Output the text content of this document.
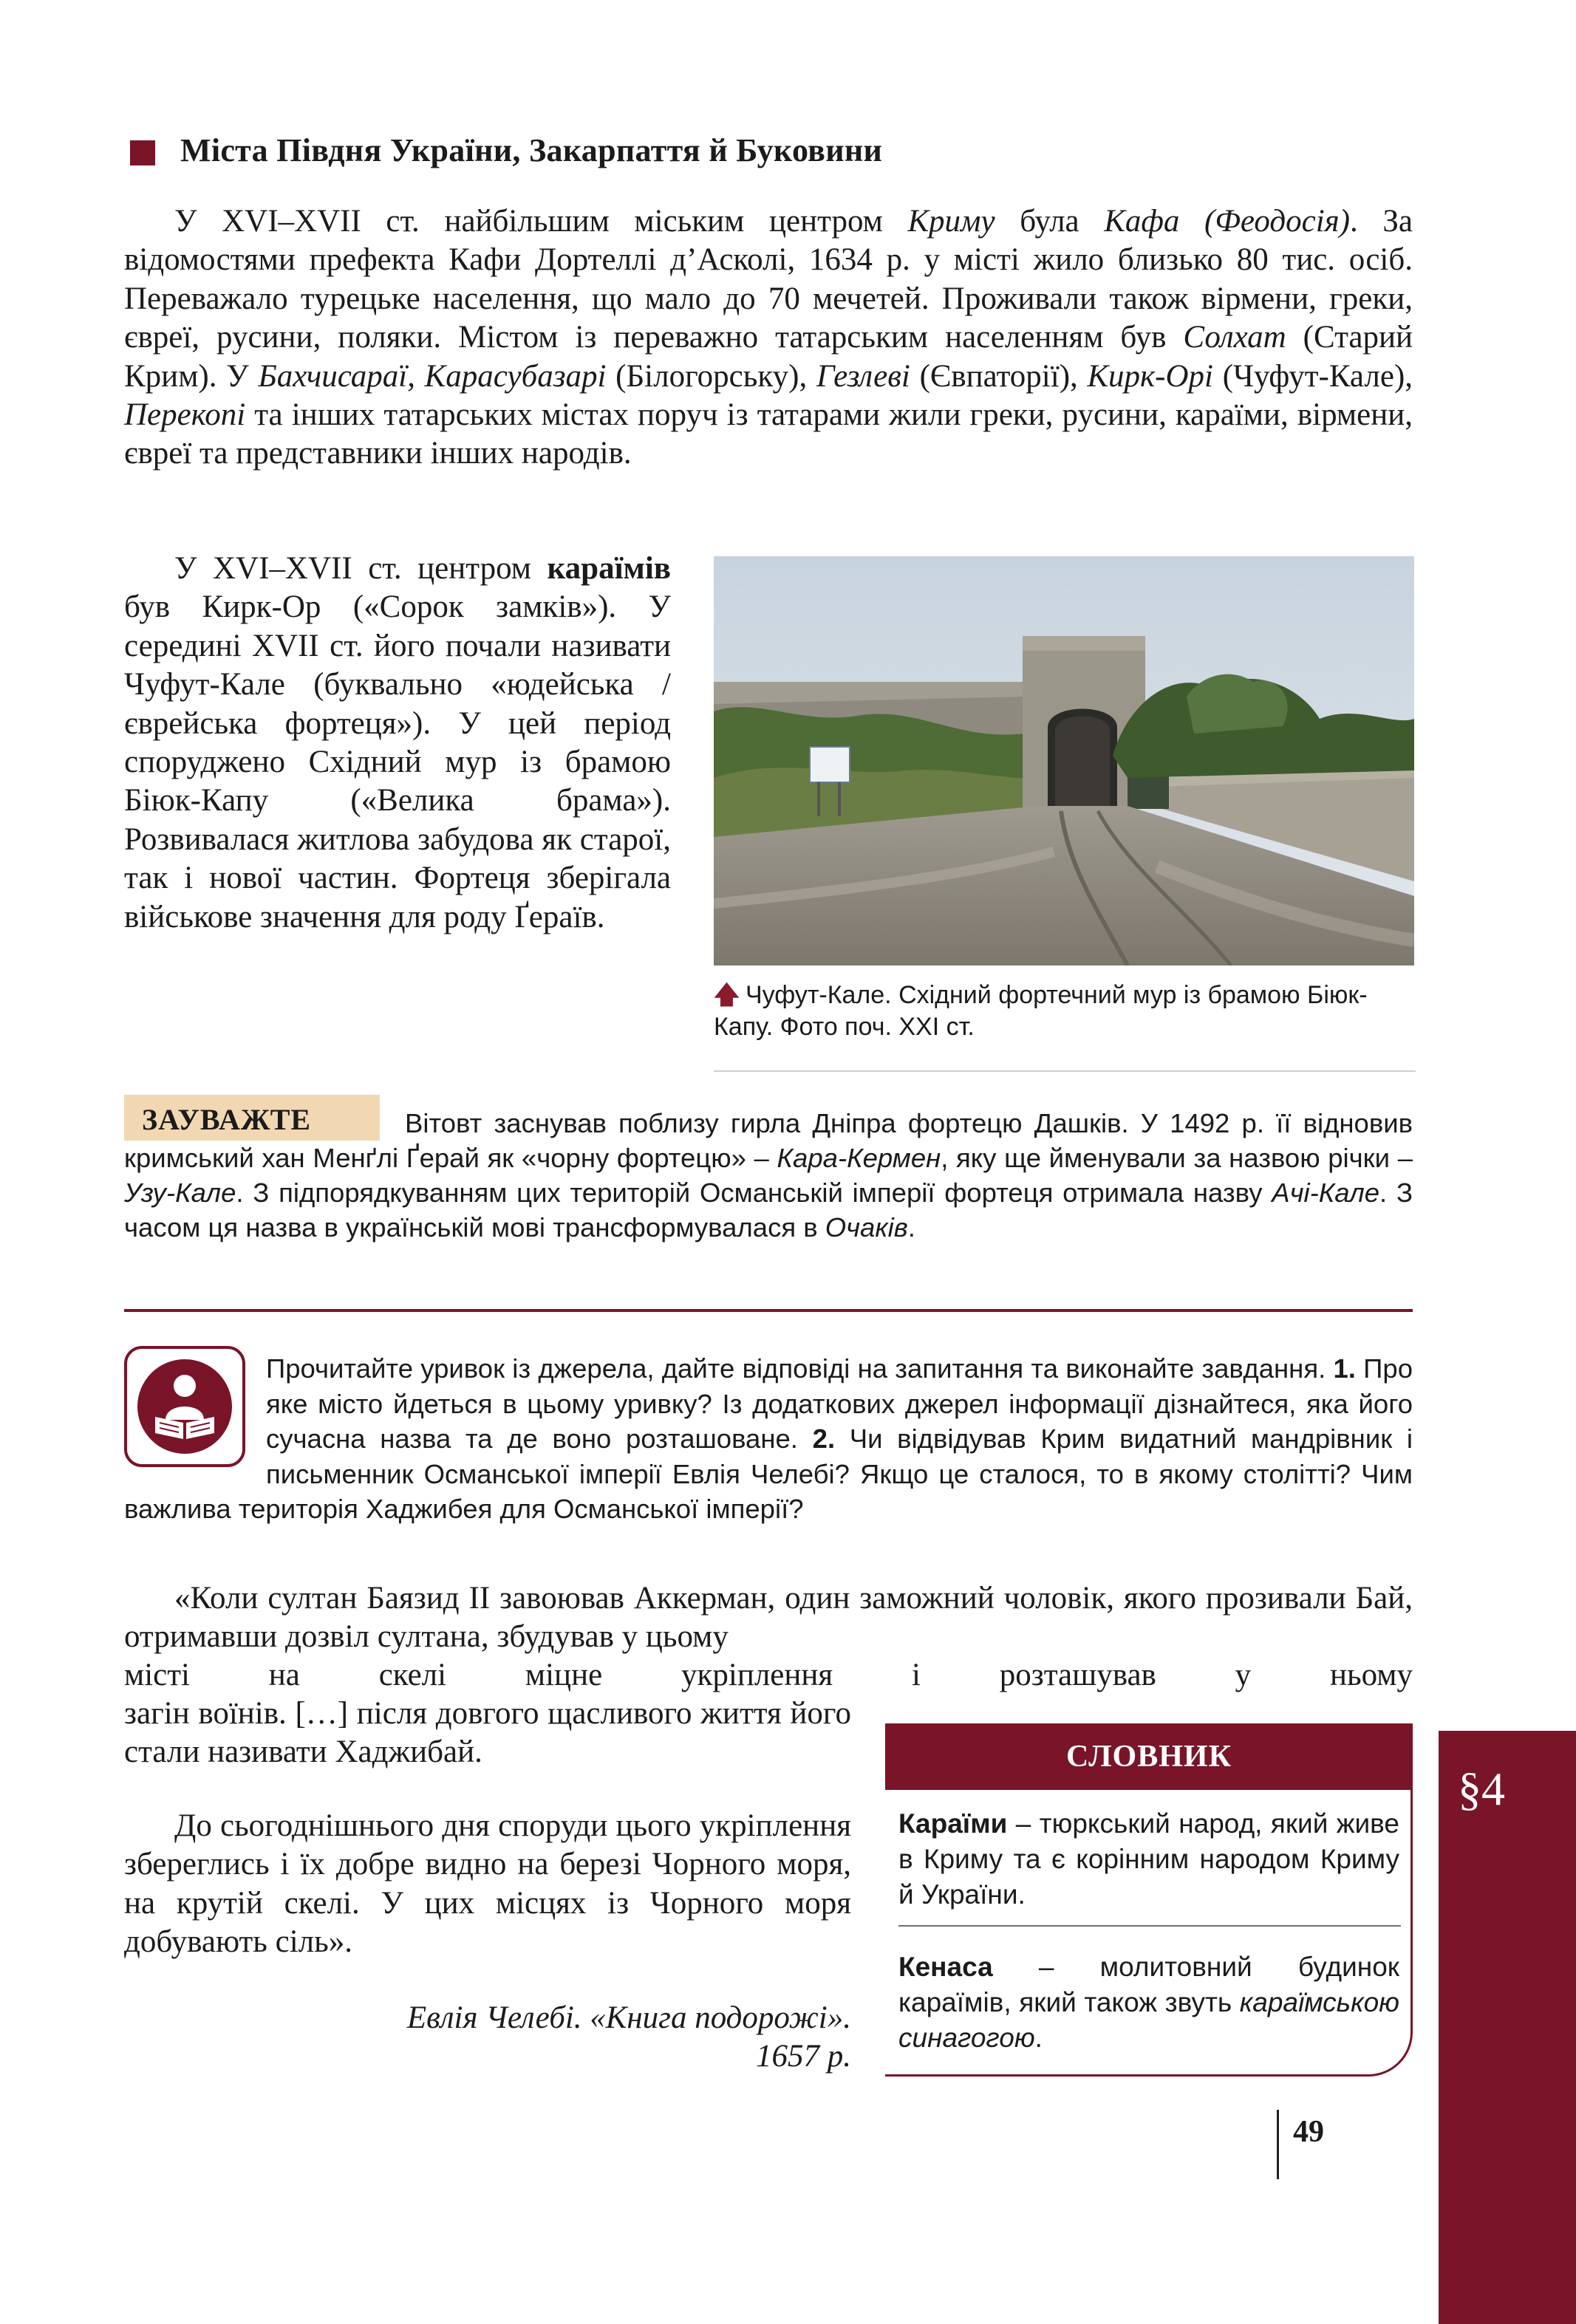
Міста Півдня України, Закарпаття й Буковини
У XVI–XVII ст. найбільшим міським центром Криму була Кафа (Феодосія). За відомостями префекта Кафи Дортеллі д’Асколі, 1634 р. у місті жило близько 80 тис. осіб. Переважало турецьке населення, що мало до 70 мечетей. Проживали також вірмени, греки, євреї, русини, поляки. Містом із переважно татарським населенням був Солхат (Старий Крим). У Бахчисараї, Карасубазарі (Білогорську), Гезлеві (Євпаторії), Кирк-Орі (Чуфут-Кале), Перекопі та інших татарських містах поруч із татарами жили греки, русини, караїми, вірмени, євреї та представники інших народів.
У XVI–XVII ст. центром караїмів був Кирк-Ор («Сорок замків»). У середині XVII ст. його почали називати Чуфут-Кале (буквально «юдейська / єврейська фортеця»). У цей період споруджено Східний мур із брамою Біюк-Капу («Велика брама»). Розвивалася житлова забудова як старої, так і нової частин. Фортеця зберігала військове значення для роду Ґераїв.
🡅 Чуфут-Кале. Східний фортечний мур із брамою Біюк-Капу. Фото поч. XXI ст.
ЗАУВАЖТЕ	Вітовт заснував поблизу гирла Дніпра фортецю Дашків. У 1492 р. її відновив кримський хан Менґлі Ґерай як «чорну фортецю» – Кара-Кермен, яку ще йменували за назвою річки – Узу-Кале. З підпорядкуванням цих територій Османській імперії фортеця отримала назву Ачі-Кале. З часом ця назва в українській мові трансформувалася в Очаків.
Прочитайте уривок із джерела, дайте відповіді на запитання та виконайте завдання. 1. Про яке місто йдеться в цьому уривку? Із додаткових джерел інформації дізнайтеся, яка його сучасна назва та де воно розташоване. 2. Чи відвідував Крим видатний мандрівник і письменник Османської імперії Евлія Челебі? Якщо це сталося, то в якому столітті? Чим важлива територія Хаджибея для Османської імперії?
«Коли султан Баязид II завоював Аккерман, один заможний чоловік, якого прозивали Бай, отримавши дозвіл султана, збудував у цьому
місті на скелі міцне укріплення і розташував у ньому
загін воїнів. […] після довгого щасливого життя його стали називати Хаджибай.
До сьогоднішнього дня споруди цього укріплення збереглись і їх добре видно на березі Чорного моря, на крутій скелі. У цих місцях із Чорного моря добувають сіль».
Евлія Челебі. «Книга подорожі».
1657 р.
СЛОВНИК
Караїми – тюркський народ, який живе в Криму та є корінним народом Криму й України.
Кенаса – молитовний будинок караїмів, який також звуть караїмською синагогою.
§4
49
